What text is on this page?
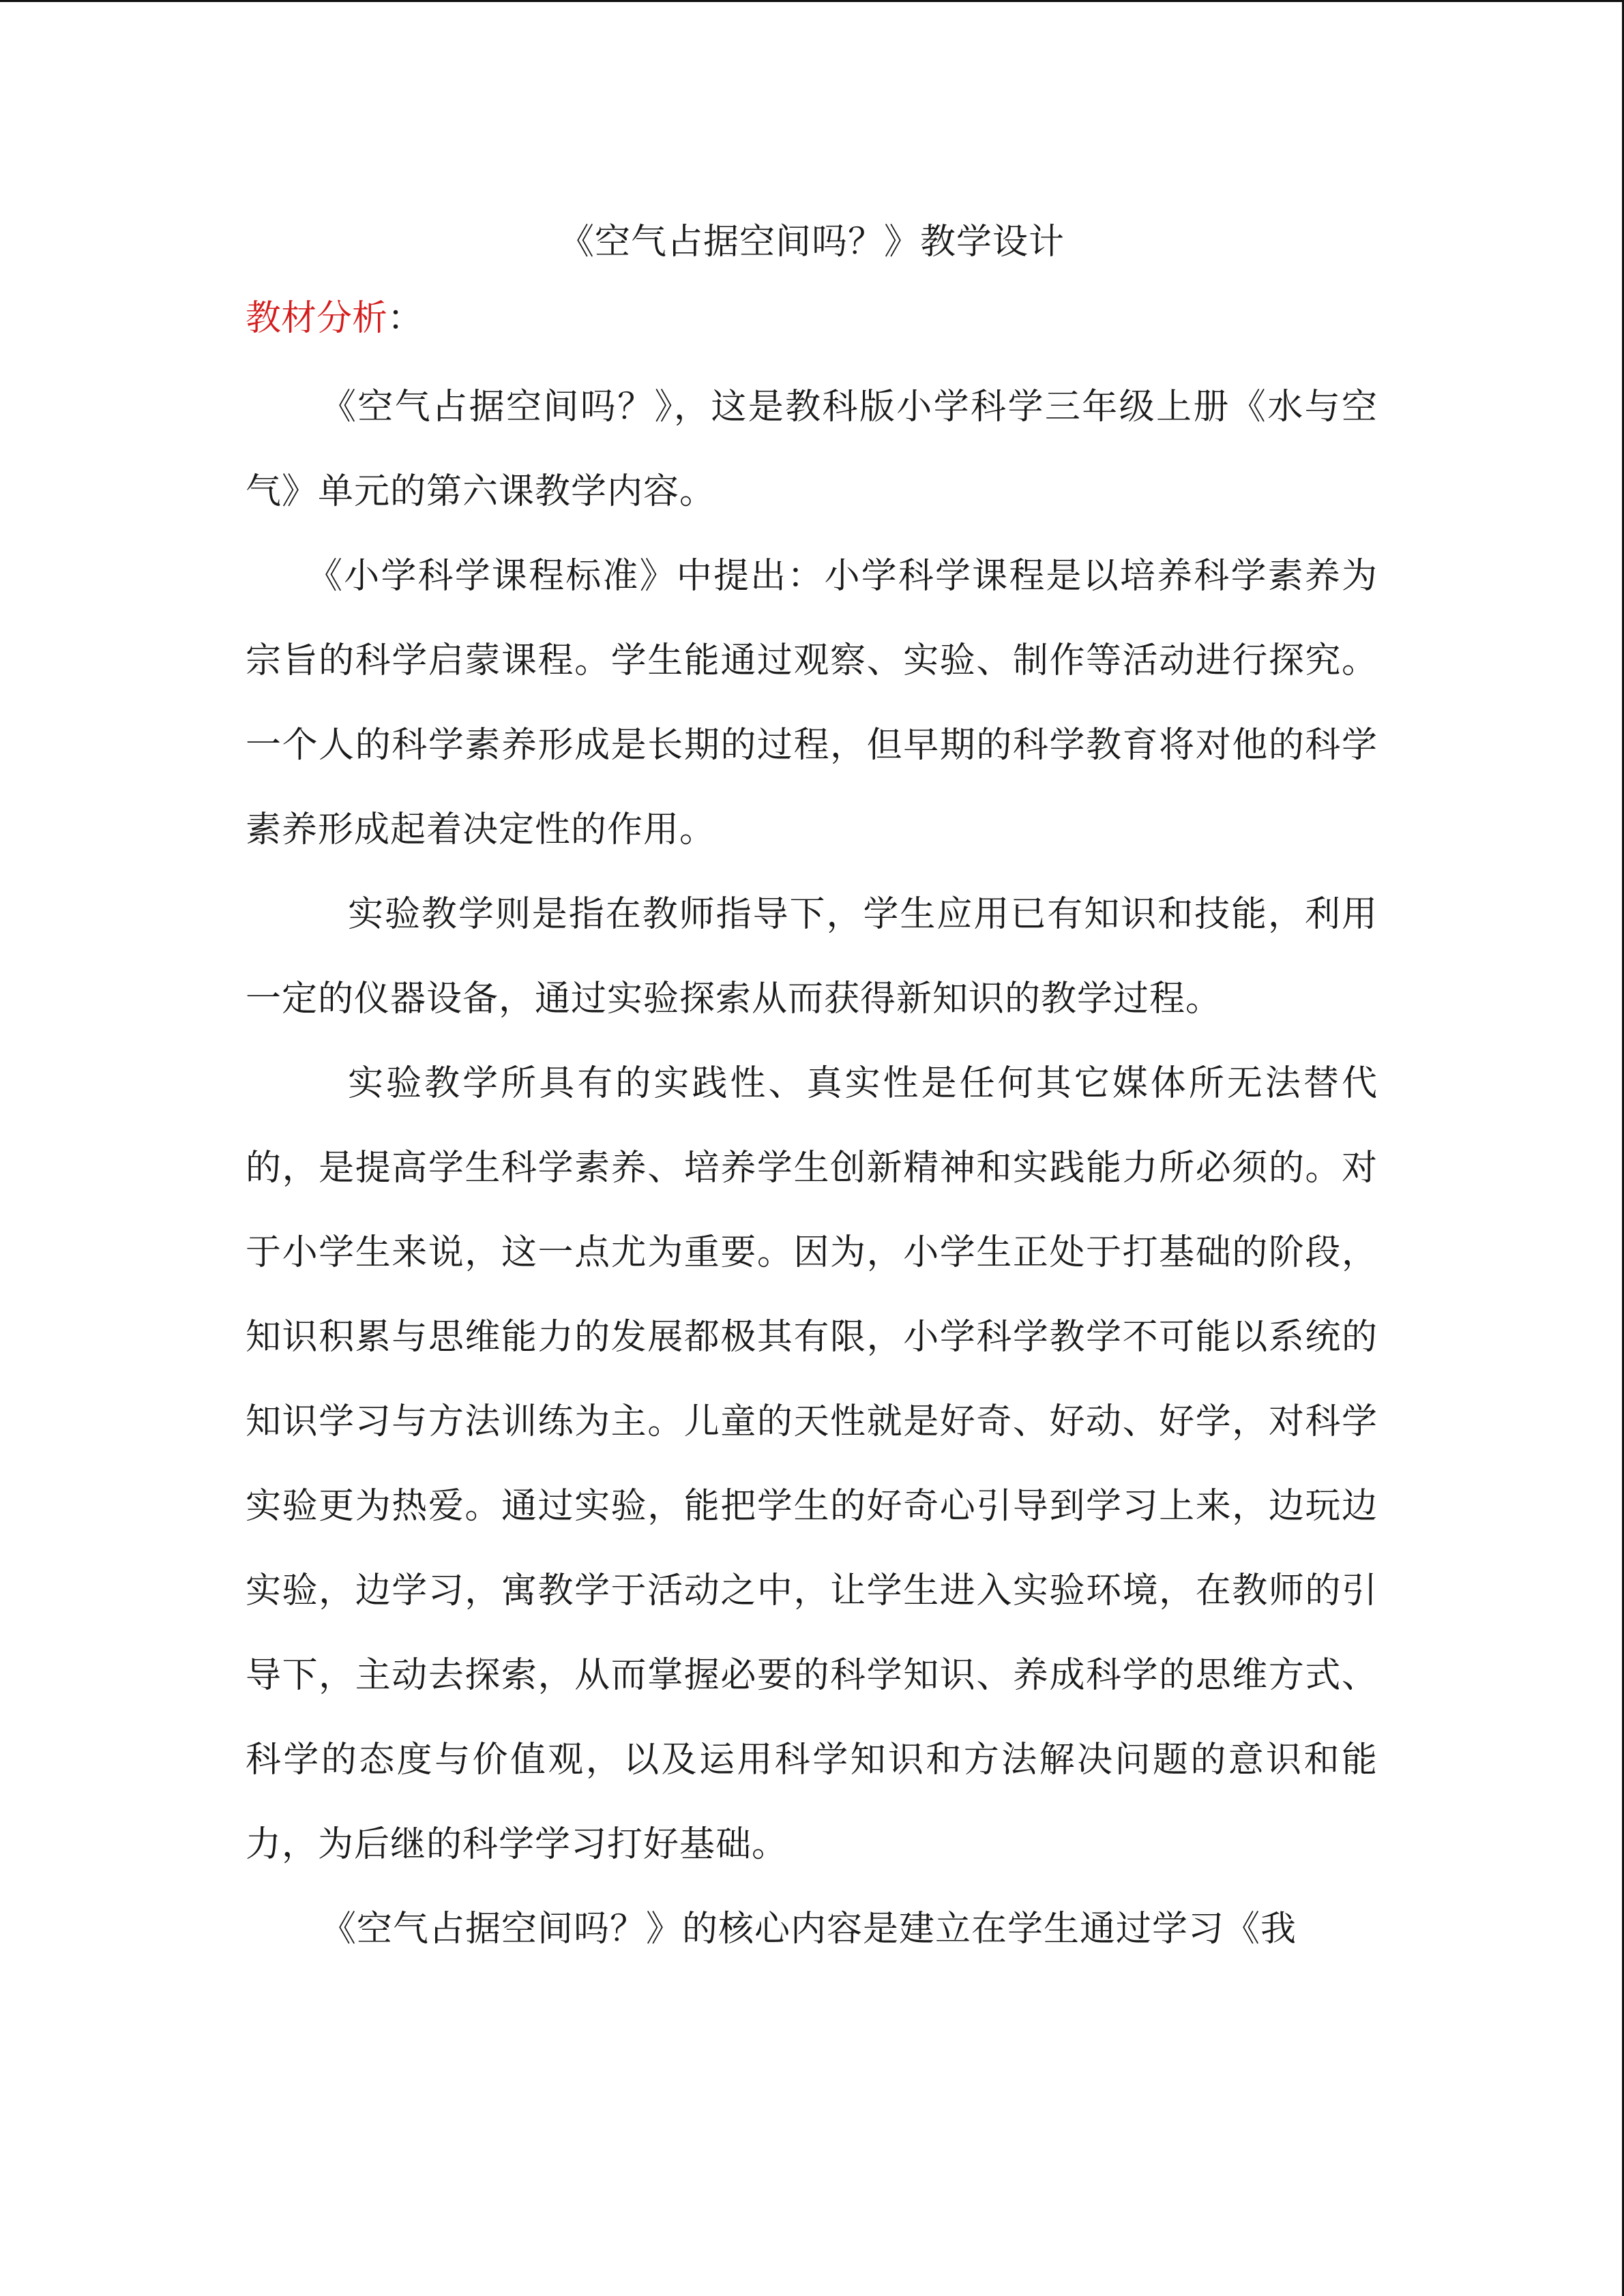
《空气占据空间吗？》教学设计
教材分析：

《空气占据空间吗？》，这是教科版小学科学三年级上册《水与空气》单元的第六课教学内容。

《小学科学课程标准》中提出：小学科学课程是以培养科学素养为宗旨的科学启蒙课程。学生能通过观察、实验、制作等活动进行探究。一个人的科学素养形成是长期的过程，但早期的科学教育将对他的科学素养形成起着决定性的作用。

实验教学则是指在教师指导下，学生应用已有知识和技能，利用一定的仪器设备，通过实验探索从而获得新知识的教学过程。

实验教学所具有的实践性、真实性是任何其它媒体所无法替代的，是提高学生科学素养、培养学生创新精神和实践能力所必须的。对于小学生来说，这一点尤为重要。因为，小学生正处于打基础的阶段，知识积累与思维能力的发展都极其有限，小学科学教学不可能以系统的知识学习与方法训练为主。儿童的天性就是好奇、好动、好学，对科学实验更为热爱。通过实验，能把学生的好奇心引导到学习上来，边玩边实验，边学习，寓教学于活动之中，让学生进入实验环境，在教师的引导下，主动去探索，从而掌握必要的科学知识、养成科学的思维方式、科学的态度与价值观，以及运用科学知识和方法解决问题的意识和能力，为后继的科学学习打好基础。

《空气占据空间吗？》的核心内容是建立在学生通过学习《我
